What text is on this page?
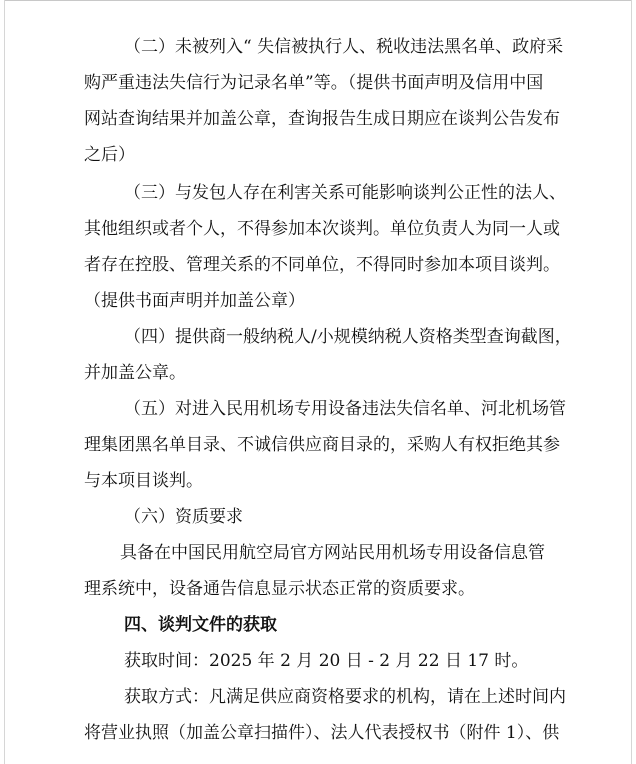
（二）未被列入“ 失信被执行人、税收违法黑名单、政府采
购严重违法失信行为记录名单”等。（提供书面声明及信用中国
网站查询结果并加盖公章，查询报告生成日期应在谈判公告发布
之后）
（三）与发包人存在利害关系可能影响谈判公正性的法人、
其他组织或者个人，不得参加本次谈判。单位负责人为同一人或
者存在控股、管理关系的不同单位，不得同时参加本项目谈判。
（提供书面声明并加盖公章）
（四）提供商一般纳税人/小规模纳税人资格类型查询截图，
并加盖公章。
（五）对进入民用机场专用设备违法失信名单、河北机场管
理集团黑名单目录、不诚信供应商目录的，采购人有权拒绝其参
与本项目谈判。
（六）资质要求
具备在中国民用航空局官方网站民用机场专用设备信息管
理系统中，设备通告信息显示状态正常的资质要求。
四、谈判文件的获取
获取时间：2025 年 2 月 20 日 - 2 月 22 日 17 时。
获取方式：凡满足供应商资格要求的机构，请在上述时间内
将营业执照（加盖公章扫描件）、法人代表授权书（附件 1）、供
